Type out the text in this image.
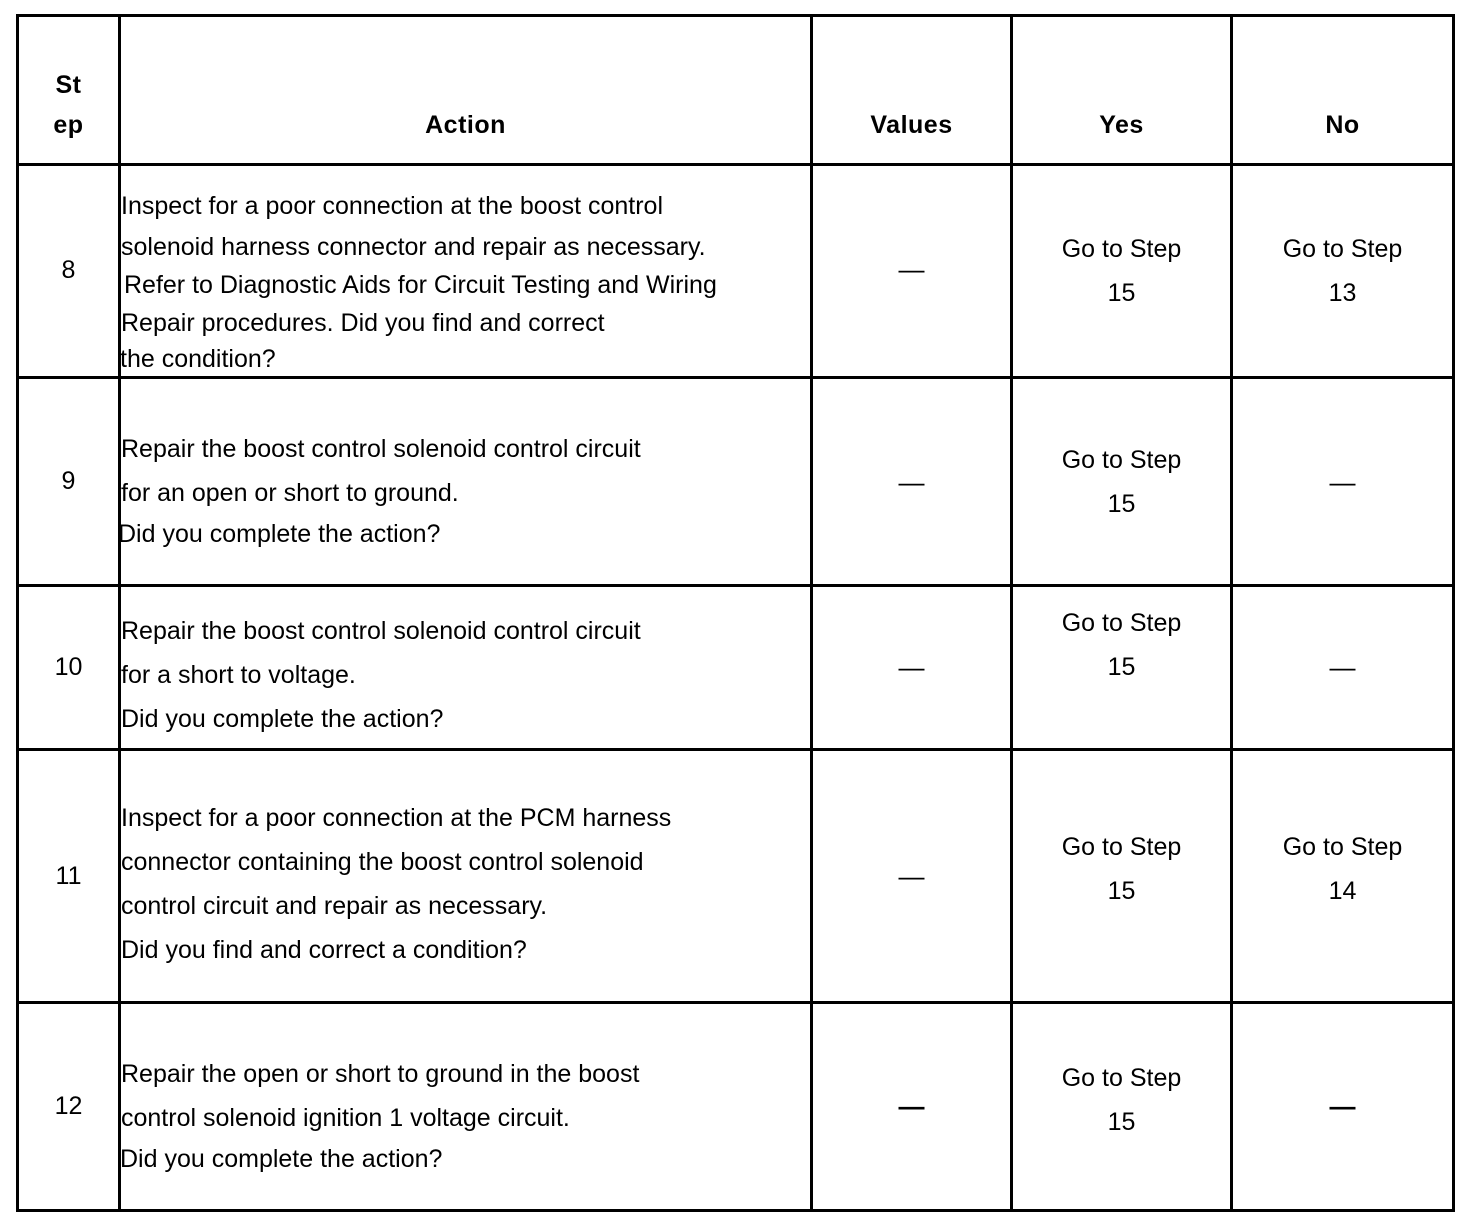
St
ep	Action	Values	Yes	No
8	Inspect for a poor connection at the boost control
solenoid harness connector and repair as necessary.
Refer to Diagnostic Aids for Circuit Testing and Wiring
Repair procedures. Did you find and correct
the condition?	—	Go to Step
15	Go to Step
13

9	Repair the boost control solenoid control circuit
for an open or short to ground.
Did you complete the action?	—	Go to Step
15	—
10	Repair the boost control solenoid control circuit
for a short to voltage.
Did you complete the action?	—	Go to Step
15	—
11	Inspect for a poor connection at the PCM harness
connector containing the boost control solenoid
control circuit and repair as necessary.
Did you find and correct a condition?	—	Go to Step
15	Go to Step
14

12	Repair the open or short to ground in the boost
control solenoid ignition 1 voltage circuit.
Did you complete the action?	—	Go to Step
15	—
